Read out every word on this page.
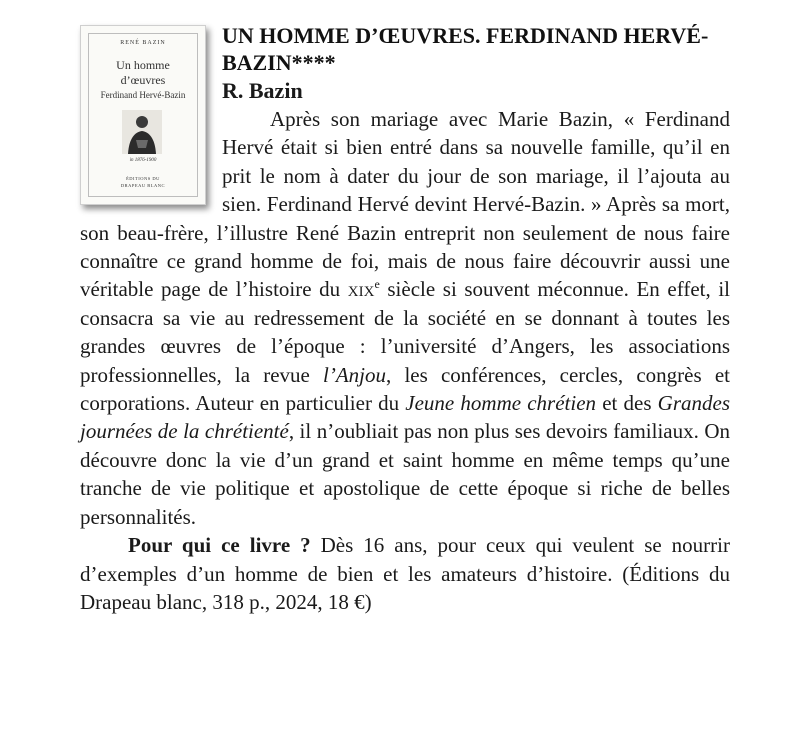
RENÉ BAZIN
Un homme
d’œuvres
Ferdinand Hervé-Bazin
in 1876-1900
ÉDITIONS DU
DRAPEAU BLANC
UN HOMME D’ŒUVRES. FERDINAND HERVÉ-BAZIN****
R. Bazin

Après son mariage avec Marie Bazin, « Ferdinand Hervé était si bien entré dans sa nouvelle famille, qu’il en prit le nom à dater du jour de son mariage, il l’ajouta au sien. Ferdinand Hervé devint Hervé-Bazin. » Après sa mort, son beau-frère, l’illustre René Bazin entreprit non seulement de nous faire connaître ce grand homme de foi, mais de nous faire découvrir aussi une véritable page de l’histoire du xix$^e$ siècle si souvent méconnue. En effet, il consacra sa vie au redressement de la société en se donnant à toutes les grandes œuvres de l’époque : l’université d’Angers, les associations professionnelles, la revue l’Anjou, les conférences, cercles, congrès et corporations. Auteur en particulier du Jeune homme chrétien et des Grandes journées de la chrétienté, il n’oubliait pas non plus ses devoirs familiaux. On découvre donc la vie d’un grand et saint homme en même temps qu’une tranche de vie politique et apostolique de cette époque si riche de belles personnalités.

Pour qui ce livre ? Dès 16 ans, pour ceux qui veulent se nourrir d’exemples d’un homme de bien et les amateurs d’histoire. (Éditions du Drapeau blanc, 318 p., 2024, 18 €)
